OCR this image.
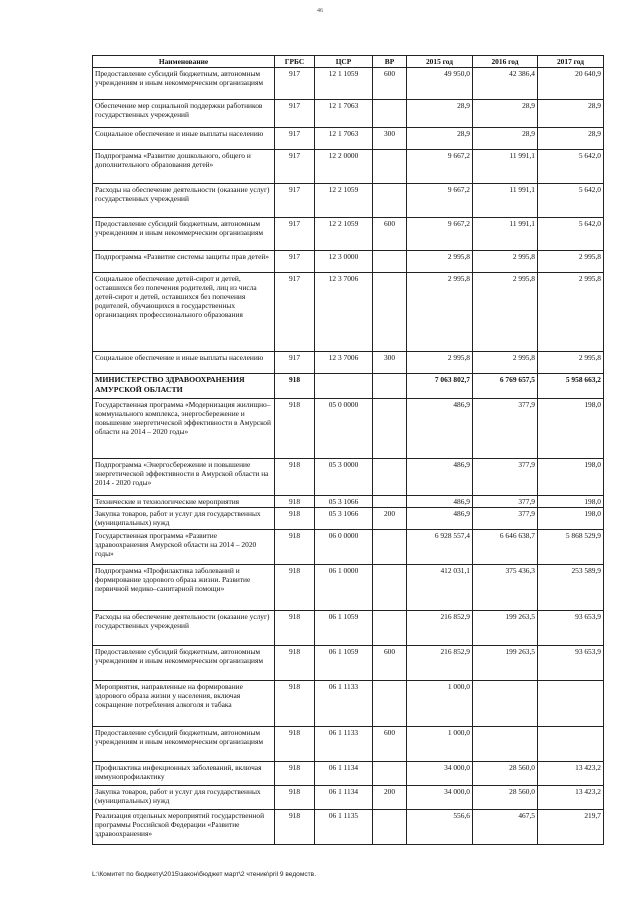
46
Наименование	ГРБС	ЦСР	ВР	2015 год	2016 год	2017 год
Предоставление субсидий бюджетным, автономным учреждениям и иным некоммерческим организациям	917	12 1 1059	600	49 950,0	42 386,4	20 640,9
Обеспечение мер социальной поддержки работников государственных учреждений	917	12 1 7063		28,9	28,9	28,9
Социальное обеспечение и иные выплаты населению	917	12 1 7063	300	28,9	28,9	28,9
Подпрограмма «Развитие дошкольного, общего и дополнительного образования детей»	917	12 2 0000		9 667,2	11 991,1	5 642,0
Расходы на обеспечение деятельности (оказание услуг) государственных учреждений	917	12 2 1059		9 667,2	11 991,1	5 642,0
Предоставление субсидий бюджетным, автономным учреждениям и иным некоммерческим организациям	917	12 2 1059	600	9 667,2	11 991,1	5 642,0
Подпрограмма «Развитие системы защиты прав детей»	917	12 3 0000		2 995,8	2 995,8	2 995,8
Социальное обеспечение детей-сирот и детей, оставшихся без попечения родителей, лиц из числа детей-сирот и детей, оставшихся без попечения родителей, обучающихся в государственных организациях профессионального образования	917	12 3 7006		2 995,8	2 995,8	2 995,8
Социальное обеспечение и иные выплаты населению	917	12 3 7006	300	2 995,8	2 995,8	2 995,8
МИНИСТЕРСТВО ЗДРАВООХРАНЕНИЯ АМУРСКОЙ ОБЛАСТИ	918			7 063 802,7	6 769 657,5	5 958 663,2
Государственная программа «Модернизация жилищно–коммунального комплекса, энергосбережение и повышение энергетической эффективности в Амурской области на 2014 – 2020 годы»	918	05 0 0000		486,9	377,9	198,0
Подпрограмма «Энергосбережение и повышение энергетической эффективности в Амурской области на 2014 - 2020 годы»	918	05 3 0000		486,9	377,9	198,0
Технические и технологические мероприятия	918	05 3 1066		486,9	377,9	198,0
Закупка товаров, работ и услуг для государственных (муниципальных) нужд	918	05 3 1066	200	486,9	377,9	198,0
Государственная программа «Развитие здравоохранения Амурской области на 2014 – 2020 годы»	918	06 0 0000		6 928 557,4	6 646 638,7	5 868 529,9
Подпрограмма «Профилактика заболеваний и формирование здорового образа жизни. Развитие первичной медико–санитарной помощи»	918	06 1 0000		412 031,1	375 436,3	253 589,9
Расходы на обеспечение деятельности (оказание услуг) государственных учреждений	918	06 1 1059		216 852,9	199 263,5	93 653,9
Предоставление субсидий бюджетным, автономным учреждениям и иным некоммерческим организациям	918	06 1 1059	600	216 852,9	199 263,5	93 653,9
Мероприятия, направленные на формирование здорового образа жизни у населения, включая сокращение потребления алкоголя и табака	918	06 1 1133		1 000,0		
Предоставление субсидий бюджетным, автономным учреждениям и иным некоммерческим организациям	918	06 1 1133	600	1 000,0		
Профилактика инфекционных заболеваний, включая иммунопрофилактику	918	06 1 1134		34 000,0	28 560,0	13 423,2
Закупка товаров, работ и услуг для государственных (муниципальных) нужд	918	06 1 1134	200	34 000,0	28 560,0	13 423,2
Реализация отдельных мероприятий государственной программы Российской Федерации «Развитие здравоохранения»	918	06 1 1135		556,6	467,5	219,7
L:\Комитет по бюджету\2015\закон\бюджет март\2 чтение\pril 9 ведомств.
